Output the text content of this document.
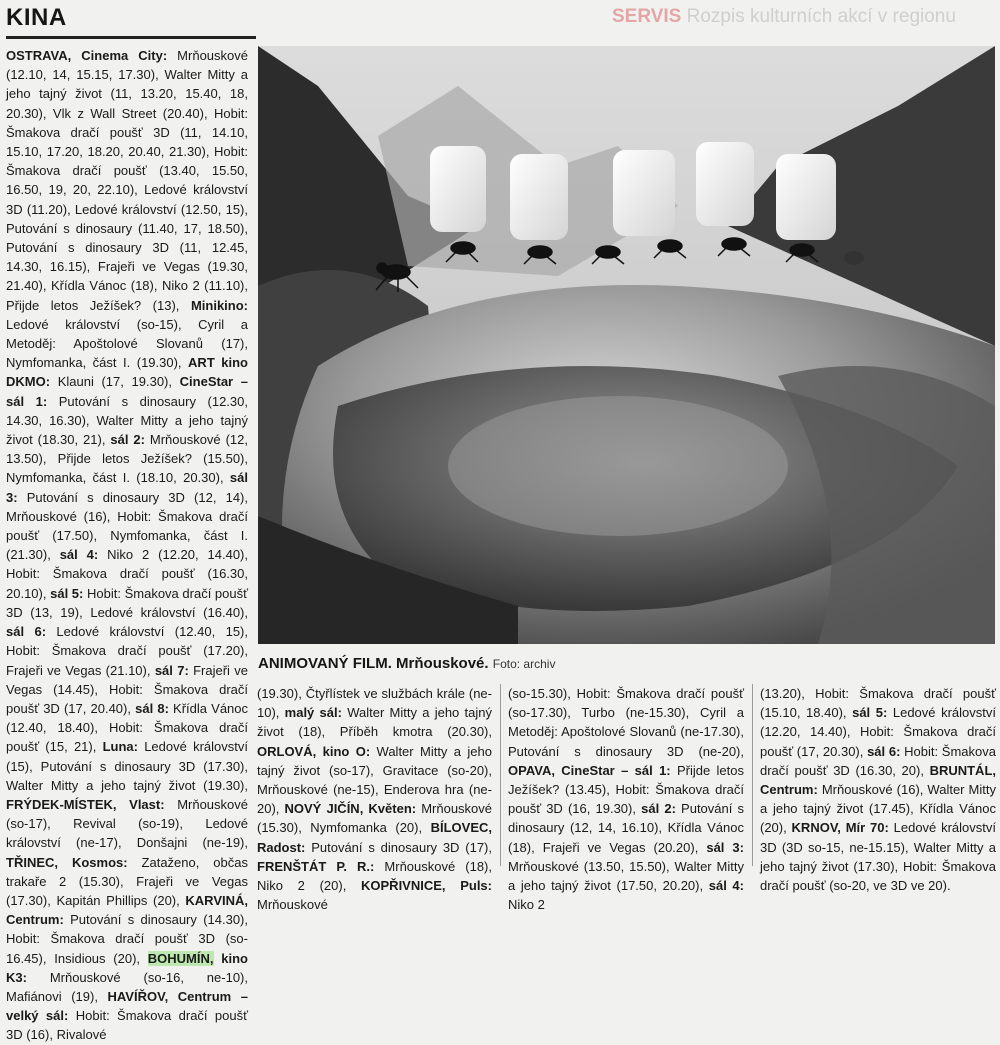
KINA	SERVIS Rozpis kulturních akcí v regionu
OSTRAVA, Cinema City: Mrňouskové (12.10, 14, 15.15, 17.30), Walter Mitty a jeho tajný život (11, 13.20, 15.40, 18, 20.30), Vlk z Wall Street (20.40), Hobit: Šmakova dračí poušť 3D (11, 14.10, 15.10, 17.20, 18.20, 20.40, 21.30), Hobit: Šmakova dračí poušť (13.40, 15.50, 16.50, 19, 20, 22.10), Ledové království 3D (11.20), Ledové království (12.50, 15), Putování s dinosaury (11.40, 17, 18.50), Putování s dinosaury 3D (11, 12.45, 14.30, 16.15), Frajeři ve Vegas (19.30, 21.40), Křídla Vánoc (18), Niko 2 (11.10), Přijde letos Ježíšek? (13), Minikino: Ledové království (so-15), Cyril a Metoděj: Apoštolové Slovanů (17), Nymfomanka, část I. (19.30), ART kino DKMO: Klauni (17, 19.30), CineStar – sál 1: Putování s dinosaury (12.30, 14.30, 16.30), Walter Mitty a jeho tajný život (18.30, 21), sál 2: Mrňouskové (12, 13.50), Přijde letos Ježíšek? (15.50), Nymfomanka, část I. (18.10, 20.30), sál 3: Putování s dinosaury 3D (12, 14), Mrňouskové (16), Hobit: Šmakova dračí poušť (17.50), Nymfomanka, část I. (21.30), sál 4: Niko 2 (12.20, 14.40), Hobit: Šmakova dračí poušť (16.30, 20.10), sál 5: Hobit: Šmakova dračí poušť 3D (13, 19), Ledové království (16.40), sál 6: Ledové království (12.40, 15), Hobit: Šmakova dračí poušť (17.20), Frajeři ve Vegas (21.10), sál 7: Frajeři ve Vegas (14.45), Hobit: Šmakova dračí poušť 3D (17, 20.40), sál 8: Křídla Vánoc (12.40, 18.40), Hobit: Šmakova dračí poušť (15, 21), Luna: Ledové království (15), Putování s dinosaury 3D (17.30), Walter Mitty a jeho tajný život (19.30), FRÝDEK-MÍSTEK, Vlast: Mrňouskové (so-17), Revival (so-19), Ledové království (ne-17), Donšajni (ne-19), TŘINEC, Kosmos: Zataženo, občas trakaře 2 (15.30), Frajeři ve Vegas (17.30), Kapitán Phillips (20), KARVINÁ, Centrum: Putování s dinosaury (14.30), Hobit: Šmakova dračí poušť 3D (so-16.45), Insidious (20), BOHUMÍN, kino K3: Mrňouskové (so-16, ne-10), Mafiánovi (19), HAVÍŘOV, Centrum – velký sál: Hobit: Šmakova dračí poušť 3D (16), Rivalové
ANIMOVANÝ FILM. Mrňouskové. Foto: archiv
(19.30), Čtyřlístek ve službách krále (ne-10), malý sál: Walter Mitty a jeho tajný život (18), Příběh kmotra (20.30), ORLOVÁ, kino O: Walter Mitty a jeho tajný život (so-17), Gravitace (so-20), Mrňouskové (ne-15), Enderova hra (ne-20), NOVÝ JIČÍN, Květen: Mrňouskové (15.30), Nymfomanka (20), BÍLOVEC, Radost: Putování s dinosaury 3D (17), FRENŠTÁT P. R.: Mrňouskové (18), Niko 2 (20), KOPŘIVNICE, Puls: Mrňouskové
(so-15.30), Hobit: Šmakova dračí poušť (so-17.30), Turbo (ne-15.30), Cyril a Metoděj: Apoštolové Slovanů (ne-17.30), Putování s dinosaury 3D (ne-20), OPAVA, CineStar – sál 1: Přijde letos Ježíšek? (13.45), Hobit: Šmakova dračí poušť 3D (16, 19.30), sál 2: Putování s dinosaury (12, 14, 16.10), Křídla Vánoc (18), Frajeři ve Vegas (20.20), sál 3: Mrňouskové (13.50, 15.50), Walter Mitty a jeho tajný život (17.50, 20.20), sál 4: Niko 2
(13.20), Hobit: Šmakova dračí poušť (15.10, 18.40), sál 5: Ledové království (12.20, 14.40), Hobit: Šmakova dračí poušť (17, 20.30), sál 6: Hobit: Šmakova dračí poušť 3D (16.30, 20), BRUNTÁL, Centrum: Mrňouskové (16), Walter Mitty a jeho tajný život (17.45), Křídla Vánoc (20), KRNOV, Mír 70: Ledové království 3D (3D so-15, ne-15.15), Walter Mitty a jeho tajný život (17.30), Hobit: Šmakova dračí poušť (so-20, ve 3D ve 20).
